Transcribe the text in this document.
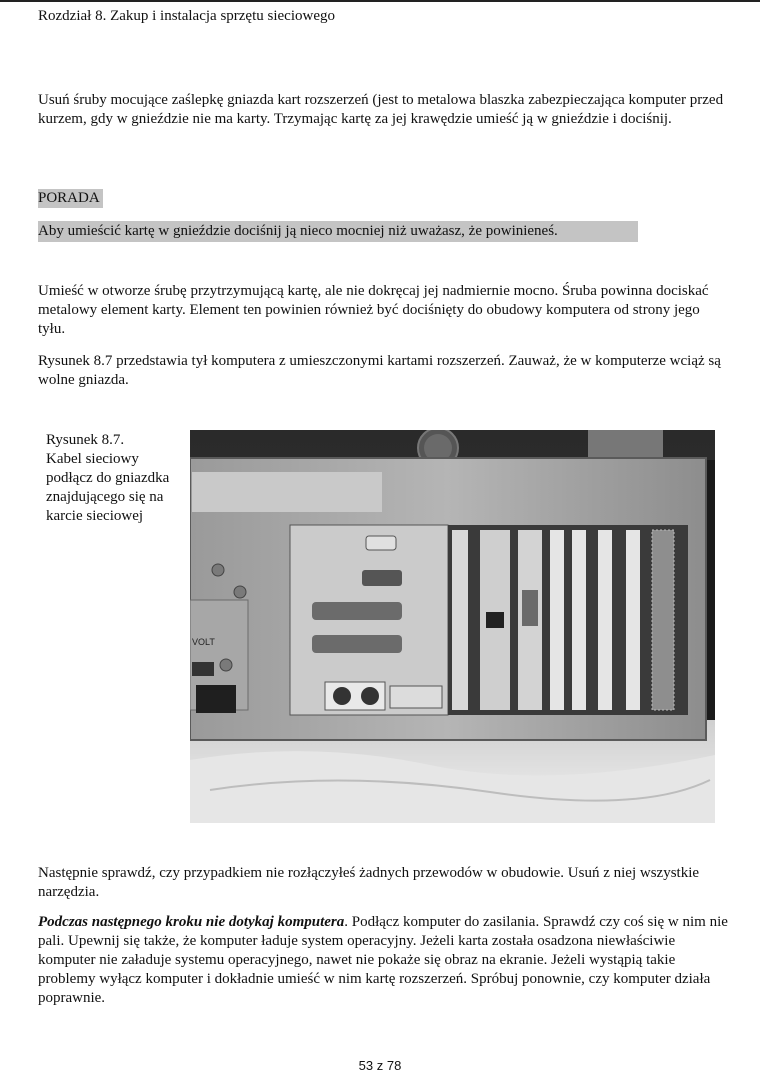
Rozdział 8. Zakup i instalacja sprzętu sieciowego

Usuń śruby mocujące zaślepkę gniazda kart rozszerzeń (jest to metalowa blaszka zabezpieczająca komputer przed kurzem, gdy w gnieździe nie ma karty. Trzymając kartę za jej krawędzie umieść ją w gnieździe i dociśnij.

PORADA
Aby umieścić kartę w gnieździe dociśnij ją nieco mocniej niż uważasz, że powinieneś.

Umieść w otworze śrubę przytrzymującą kartę, ale nie dokręcaj jej nadmiernie mocno. Śruba powinna dociskać metalowy element karty. Element ten powinien również być dociśnięty do obudowy komputera od strony jego tyłu.

Rysunek 8.7 przedstawia tył komputera z umieszczonymi kartami rozszerzeń. Zauważ, że w komputerze wciąż są wolne gniazda.

Rysunek 8.7.
Kabel sieciowy podłącz do gniazdka znajdującego się na karcie sieciowej
VOLT

Następnie sprawdź, czy przypadkiem nie rozłączyłeś żadnych przewodów w obudowie. Usuń z niej wszystkie narzędzia.

Podczas następnego kroku nie dotykaj komputera. Podłącz komputer do zasilania. Sprawdź czy coś się w nim nie pali. Upewnij się także, że komputer ładuje system operacyjny. Jeżeli karta została osadzona niewłaściwie komputer nie załaduje systemu operacyjnego, nawet nie pokaże się obraz na ekranie. Jeżeli wystąpią takie problemy wyłącz komputer i dokładnie umieść w nim kartę rozszerzeń. Spróbuj ponownie, czy komputer działa poprawnie.

53 z 78
